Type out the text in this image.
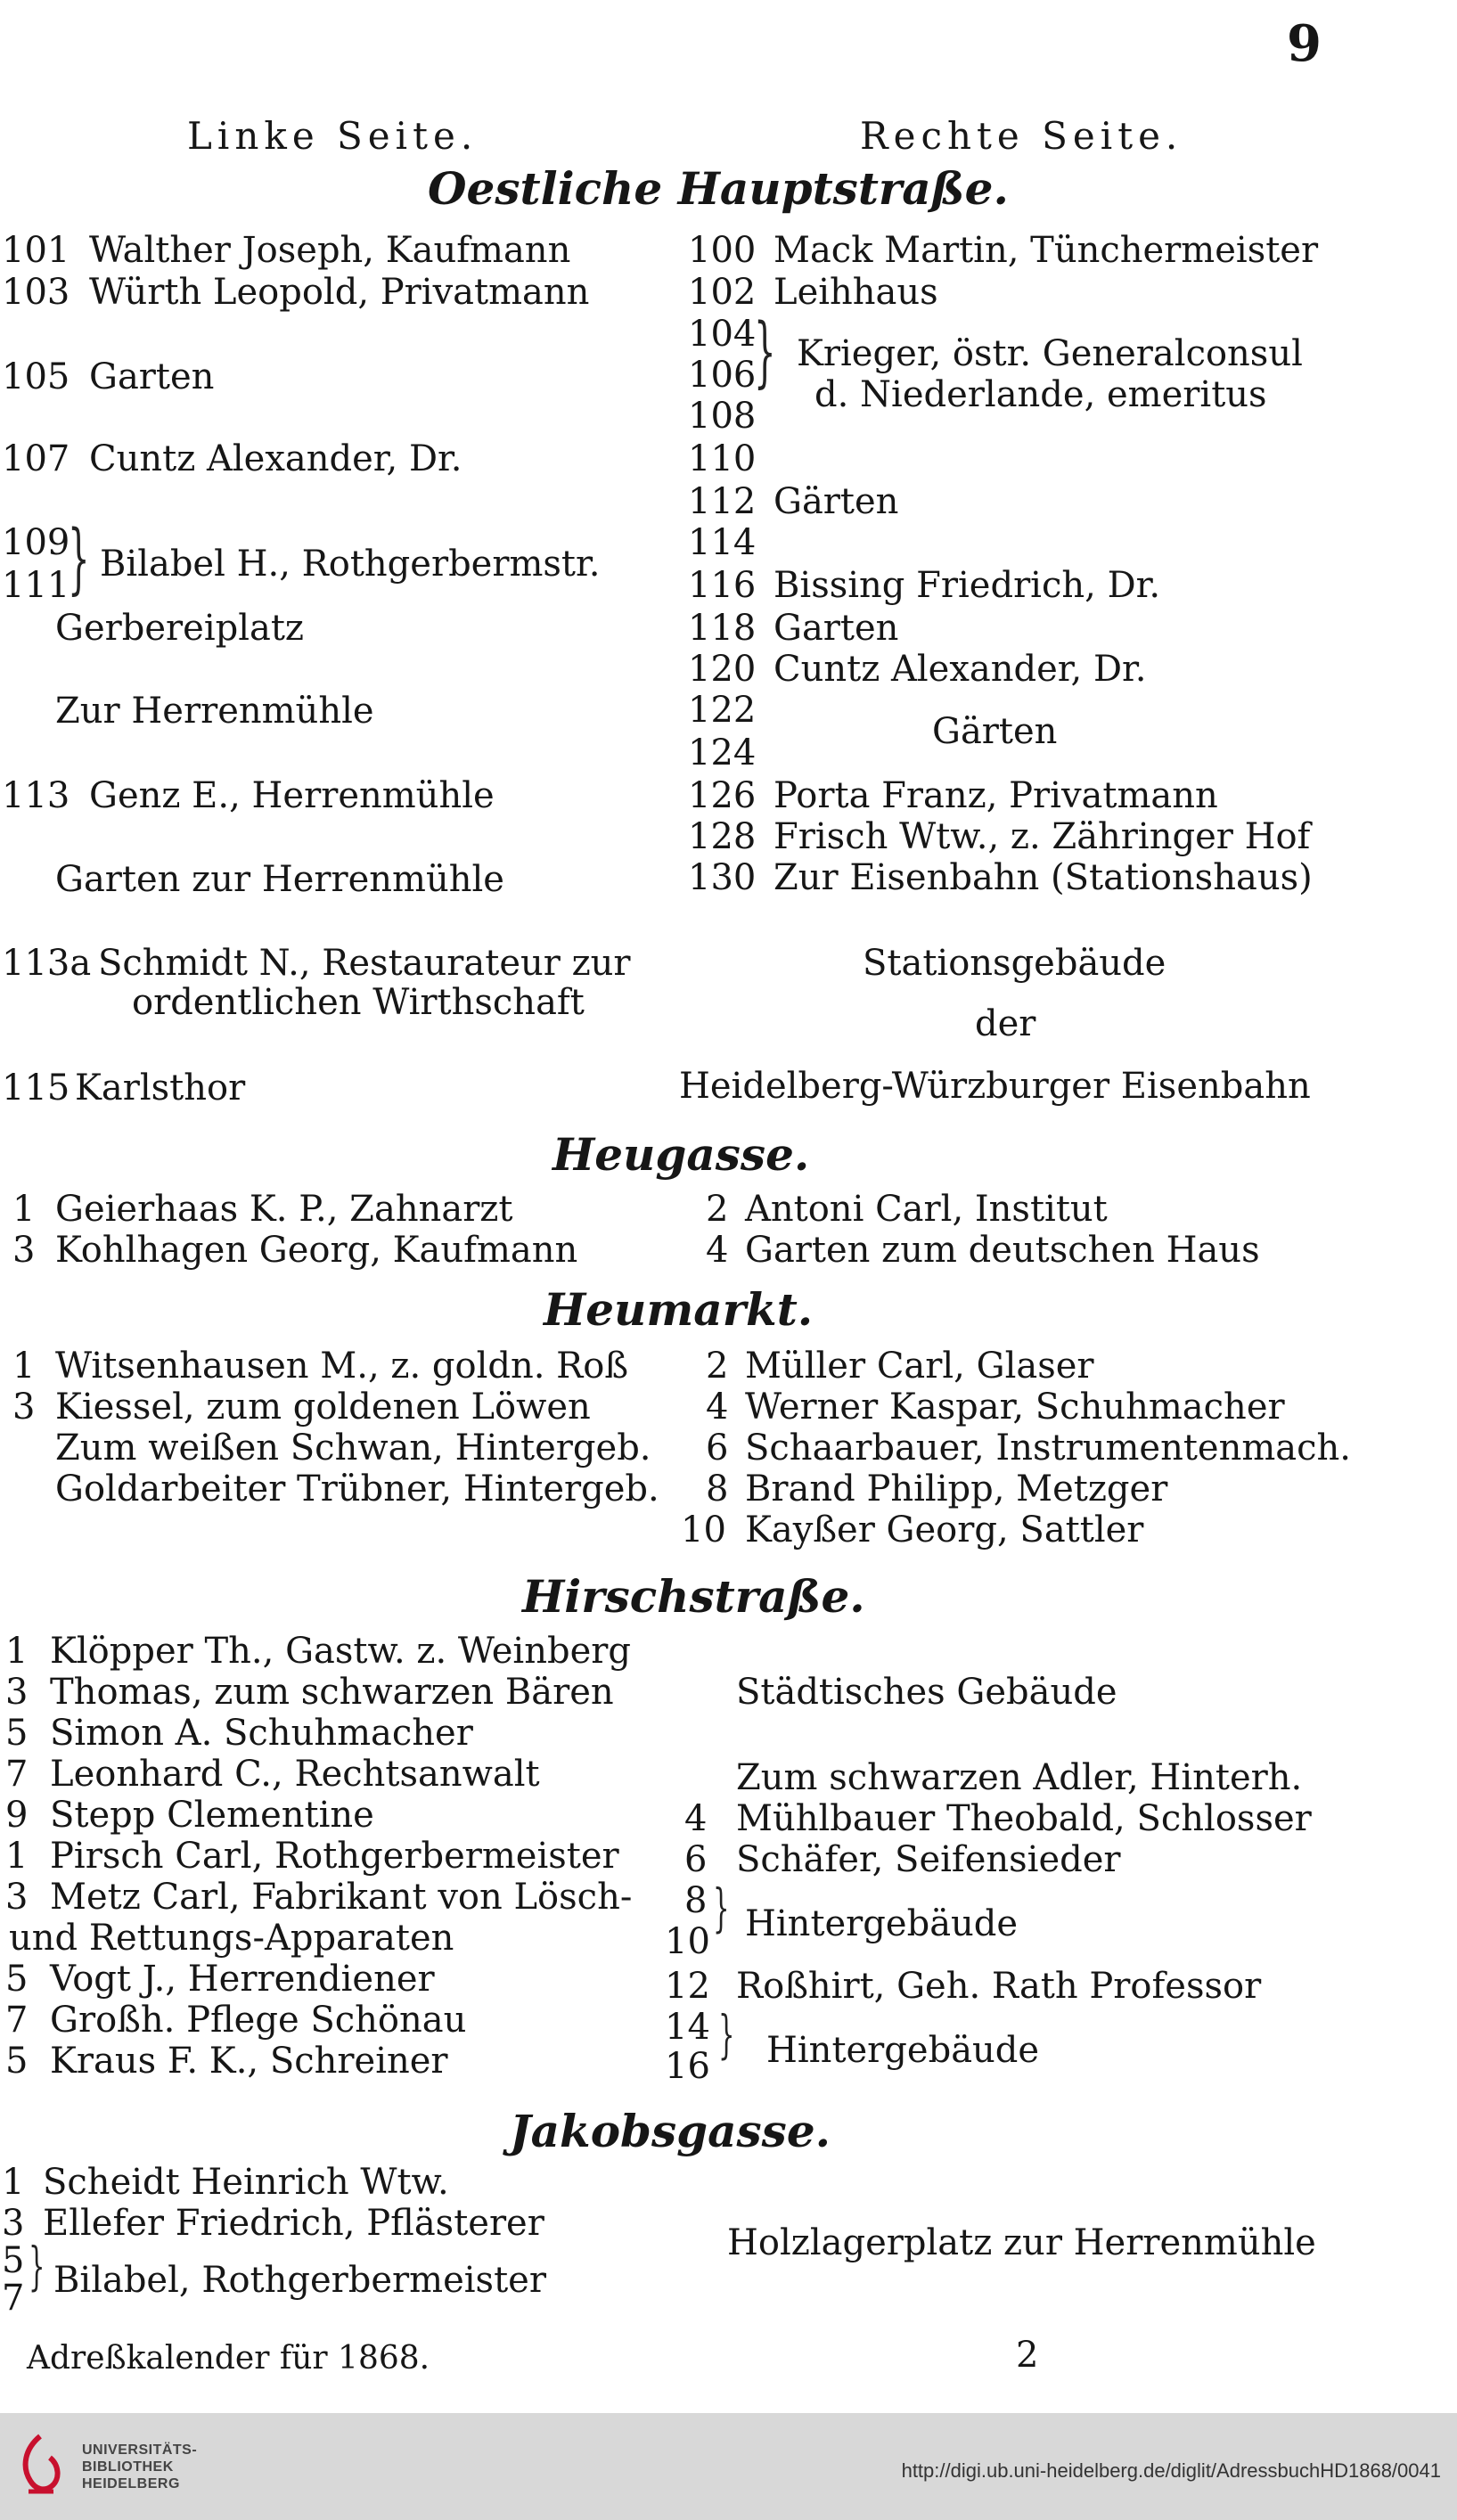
9
Linke Seite.	Rechte Seite.
Oestliche Hauptstraße.
101 Walther Joseph, Kaufmann
103 Würth Leopold, Privatmann
105 Garten
107 Cuntz Alexander, Dr.
109
111
} Bilabel H., Rothgerbermstr.
Gerbereiplatz
Zur Herrenmühle
113 Genz E., Herrenmühle
Garten zur Herrenmühle
113a Schmidt N., Restaurateur zur
ordentlichen Wirthschaft
115 Karlsthor
100 Mack Martin, Tünchermeister
102 Leihhaus
104
106
108
} Krieger, östr. Generalconsul
d. Niederlande, emeritus
110
112 Gärten
114
116 Bissing Friedrich, Dr.
118 Garten
120 Cuntz Alexander, Dr.
122
124
Gärten
126 Porta Franz, Privatmann
128 Frisch Wtw., z. Zähringer Hof
130 Zur Eisenbahn (Stationshaus)
Stationsgebäude
der
Heidelberg-Würzburger Eisenbahn
Heugasse.
1 Geierhaas K. P., Zahnarzt
3 Kohlhagen Georg, Kaufmann
2 Antoni Carl, Institut
4 Garten zum deutschen Haus
Heumarkt.
1 Witsenhausen M., z. goldn. Roß
3 Kiessel, zum goldenen Löwen
Zum weißen Schwan, Hintergeb.
Goldarbeiter Trübner, Hintergeb.
2 Müller Carl, Glaser
4 Werner Kaspar, Schuhmacher
6 Schaarbauer, Instrumentenmach.
8 Brand Philipp, Metzger
10 Kayßer Georg, Sattler
Hirschstraße.
1 Klöpper Th., Gastw. z. Weinberg
3 Thomas, zum schwarzen Bären
5 Simon A. Schuhmacher
7 Leonhard C., Rechtsanwalt
9 Stepp Clementine
1 Pirsch Carl, Rothgerbermeister
3 Metz Carl, Fabrikant von Lösch-
und Rettungs-Apparaten
5 Vogt J., Herrendiener
7 Großh. Pflege Schönau
5 Kraus F. K., Schreiner
Städtisches Gebäude
Zum schwarzen Adler, Hinterh.
4 Mühlbauer Theobald, Schlosser
6 Schäfer, Seifensieder
8
10
} Hintergebäude
12 Roßhirt, Geh. Rath Professor
14
16
} Hintergebäude
Jakobsgasse.
1 Scheidt Heinrich Wtw.
3 Ellefer Friedrich, Pflästerer
5
7
} Bilabel, Rothgerbermeister
Holzlagerplatz zur Herrenmühle
Adreßkalender für 1868.	2
UNIVERSITÄTS-
BIBLIOTHEK
HEIDELBERG
http://digi.ub.uni-heidelberg.de/diglit/AdressbuchHD1868/0041
